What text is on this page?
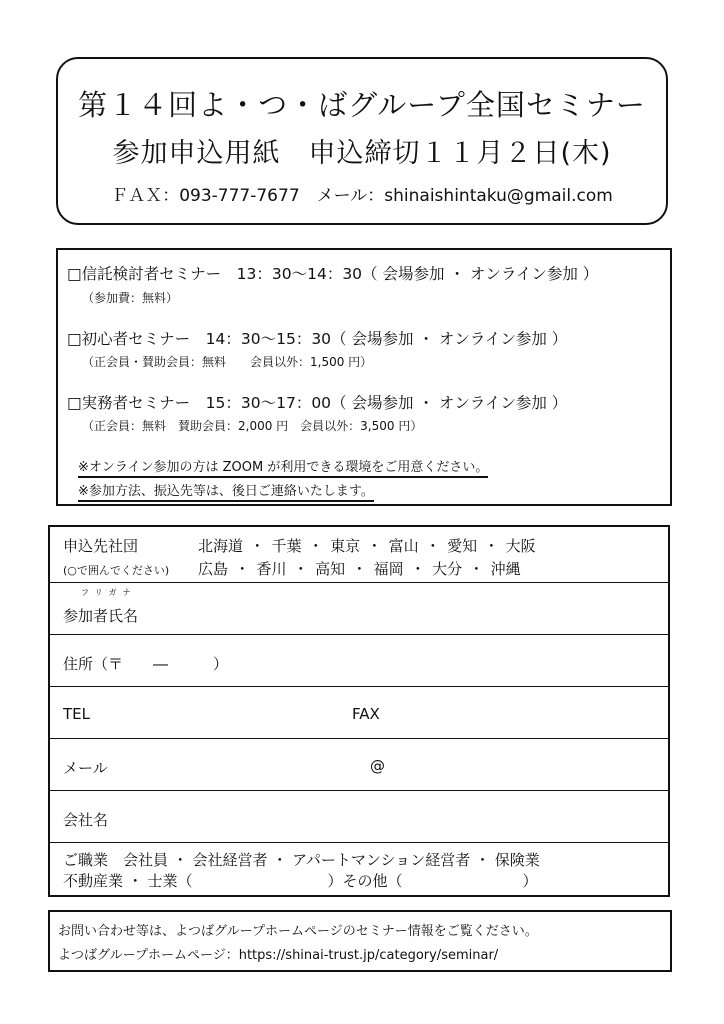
第１４回よ・つ・ばグループ全国セミナー
参加申込用紙　申込締切１１月２日(木)
ＦＡＸ：093-777-7677　メール：shinaishintaku@gmail.com
□信託検討者セミナー　13：30～14：30（ 会場参加 ・ オンライン参加 ）
（参加費：無料）
□初心者セミナー　14：30～15：30（ 会場参加 ・ オンライン参加 ）
（正会員・賛助会員：無料　　会員以外：1,500 円）
□実務者セミナー　15：30～17：00（ 会場参加 ・ オンライン参加 ）
（正会員：無料　賛助会員：2,000 円　会員以外：3,500 円）
※オンライン参加の方は ZOOM が利用できる環境をご用意ください。
※参加方法、振込先等は、後日ご連絡いたします。
申込先社団
(○で囲んでください)
北海道 ・ 千葉 ・ 東京 ・ 富山 ・ 愛知 ・ 大阪
広島 ・ 香川 ・ 高知 ・ 福岡 ・ 大分 ・ 沖縄
フリガナ
参加者氏名
住所（〒　　―　　　）
TEL	FAX
メール	@
会社名
ご職業　会社員 ・ 会社経営者 ・ アパートマンション経営者 ・ 保険業
不動産業 ・ 士業（　　　　　　　　　）その他（　　　　　　　　）
お問い合わせ等は、よつばグループホームページのセミナー情報をご覧ください。
よつばグループホームページ：https://shinai-trust.jp/category/seminar/
